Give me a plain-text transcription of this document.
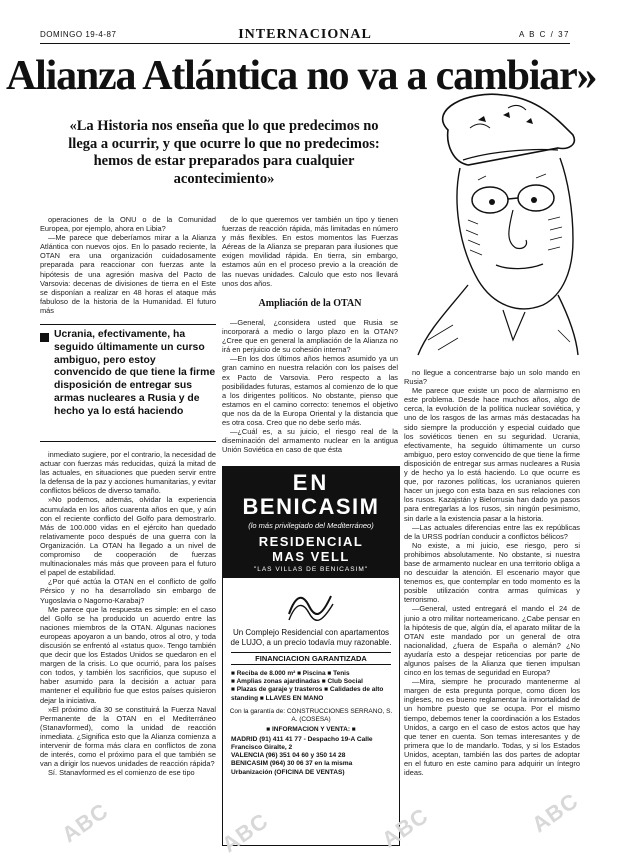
DOMINGO 19-4-87	INTERNACIONAL	A B C / 37
Alianza Atlántica no va a cambiar»
«La Historia nos enseña que lo que predecimos no llega a ocurrir, y que ocurre lo que no predecimos: hemos de estar preparados para cualquier acontecimiento»

operaciones de la ONU o de la Comunidad Europea, por ejemplo, ahora en Libia?

—Me parece que deberíamos mirar a la Alianza Atlántica con nuevos ojos. En lo pasado reciente, la OTAN era una organización cuidadosamente preparada para reaccionar con fuerzas ante la hipótesis de una agresión masiva del Pacto de Varsovia: decenas de divisiones de tierra en el Este se disponían a realizar en 48 horas el ataque más fabuloso de la historia de la Humanidad. El futuro más

Ucrania, efectivamente, ha seguido últimamente un curso ambiguo, pero estoy convencido de que tiene la firme disposición de entregar sus armas nucleares a Rusia y de hecho ya lo está haciendo

inmediato sugiere, por el contrario, la necesidad de actuar con fuerzas más reducidas, quizá la mitad de las actuales, en situaciones que pueden servir entre la defensa de la paz y acciones humanitarias, y evitar conflictos bélicos de diverso tamaño.

»No podemos, además, olvidar la experiencia acumulada en los años cuarenta años en que, y aún con el reciente conflicto del Golfo para demostrarlo. Más de 100.000 vidas en el ejército han quedado relativamente poco después de una guerra con la Organización. La OTAN ha llegado a un nivel de compromiso de cooperación de fuerzas multinacionales más más que proveen para el futuro el papel de estabilidad.

¿Por qué actúa la OTAN en el conflicto de golfo Pérsico y no ha desarrollado sin embargo de Yugoslavia o Nagorno-Karabaj?

Me parece que la respuesta es simple: en el caso del Golfo se ha producido un acuerdo entre las naciones miembros de la OTAN. Algunas naciones europeas apoyaron a un bando, otros al otro, y toda discusión se enfrentó al «status quo». Tengo también que decir que los Estados Unidos se quedaron en el margen de la crisis. Lo que ocurrió, para los países con todos, y también los sacrificios, que supuso el haber asumido para la decisión a actuar para mantener el equilibrio fue que estos países quisieron dejar la iniciativa.

»El próximo día 30 se constituirá la Fuerza Naval Permanente de la OTAN en el Mediterráneo (Stanavformed), como la unidad de reacción inmediata. ¿Significa esto que la Alianza comienza a intervenir de forma más clara en conflictos de zona de interés, como el próximo para el que también se van a dirigir los nuevos unidades de reacción rápida?

Sí. Stanavformed es el comienzo de ese tipo

de lo que queremos ver también un tipo y tienen fuerzas de reacción rápida, más limitadas en número y más flexibles. En estos momentos las Fuerzas Aéreas de la Alianza se preparan para ilusiones que exigen movilidad rápida. En tierra, sin embargo, estamos aún en el proceso previo a la creación de las nuevas unidades. Calculo que esto nos llevará unos dos años.

Ampliación de la OTAN

—General, ¿considera usted que Rusia se incorporará a medio o largo plazo en la OTAN? ¿Cree que en general la ampliación de la Alianza no irá en perjuicio de su cohesión interna?

—En los dos últimos años hemos asumido ya un gran camino en nuestra relación con los países del ex Pacto de Varsovia. Pero respecto a las posibilidades futuras, estamos al comienzo de lo que a los dirigentes políticos. No obstante, pienso que estamos en el camino correcto: tenemos el objetivo que nos da de la Europa Oriental y la distancia que es otra cosa. Creo que no debe serlo más.

—¿Cuál es, a su juicio, el riesgo real de la diseminación del armamento nuclear en la antigua Unión Soviética en caso de que ésta

no llegue a concentrarse bajo un solo mando en Rusia?

Me parece que existe un poco de alarmismo en este problema. Desde hace muchos años, algo de cerca, la evolución de la política nuclear soviética, y uno de los rasgos de las armas más destacadas ha sido siempre la producción y especial cuidado que los soviéticos tienen en su seguridad. Ucrania, efectivamente, ha seguido últimamente un curso ambiguo, pero estoy convencido de que tiene la firme disposición de entregar sus armas nucleares a Rusia y de hecho ya lo está haciendo. Lo que ocurre es que, por razones políticas, los ucranianos quieren hacer un juego con esta baza en sus relaciones con los rusos. Kazajstán y Bielorrusia han dado ya pasos para entregarlas a los rusos, sin ningún pesimismo, sin darle a la existencia pasar a la historia.

—Las actuales diferencias entre las ex repúblicas de la URSS podrían conducir a conflictos bélicos?

No existe, a mi juicio, ese riesgo, pero si prohibimos absolutamente. No obstante, si nuestra base de armamento nuclear en una territorio obliga a no descuidar la atención. El escenario mayor que tenemos es, que contemplar en todo momento es la posible utilización contra armas químicas y terrorismo.

—General, usted entregará el mando el 24 de junio a otro militar norteamericano. ¿Cabe pensar en la hipótesis de que, algún día, el aparato militar de la OTAN este mandado por un general de otra nacionalidad, ¿fuera de España o alemán? ¿No ayudaría esto a despejar reticencias por parte de algunos países de la Alianza que tienen impulsan cinco en los temas de seguridad en Europa?

—Mira, siempre he procurado mantenerme al margen de esta pregunta porque, como dicen los ingleses, no es bueno reglamentar la inmortalidad de un hombre puesto que se ocupa. Por el mismo tiempo, debemos tener la coordinación a los Estados Unidos, a cargo en el caso de estos actos que hay que tener en cuenta. Son temas interesantes y de primera que lo de mandarlo. Todas, y si los Estados Unidos, aceptan, también las dos partes de adoptar en el futuro en este camino para adquirir un íntegro ideas.

EN
BENICASIM
(lo más privilegiado del Mediterráneo)
RESIDENCIAL
MAS VELL
"LAS VILLAS DE BENICASIM"
Un Complejo Residencial con apartamentos de LUJO, a un precio todavía muy razonable.
FINANCIACION GARANTIZADA
■ Reciba de 8.000 m² ■ Piscina ■ Tenis
■ Amplias zonas ajardinadas ■ Club Social
■ Plazas de garaje y trasteros ■ Calidades de alto standing ■ LLAVES EN MANO
Con la garantía de: CONSTRUCCIONES SERRANO, S. A. (COSESA)
■ INFORMACION Y VENTA: ■
MADRID (91) 411 41 77 - Despacho 19-A Calle Francisco Giralte, 2
VALENCIA (96) 351 04 60 y 350 14 28
BENICASIM (964) 30 06 37 en la misma Urbanización (OFICINA DE VENTAS)
ABC	ABC	ABC	ABC
